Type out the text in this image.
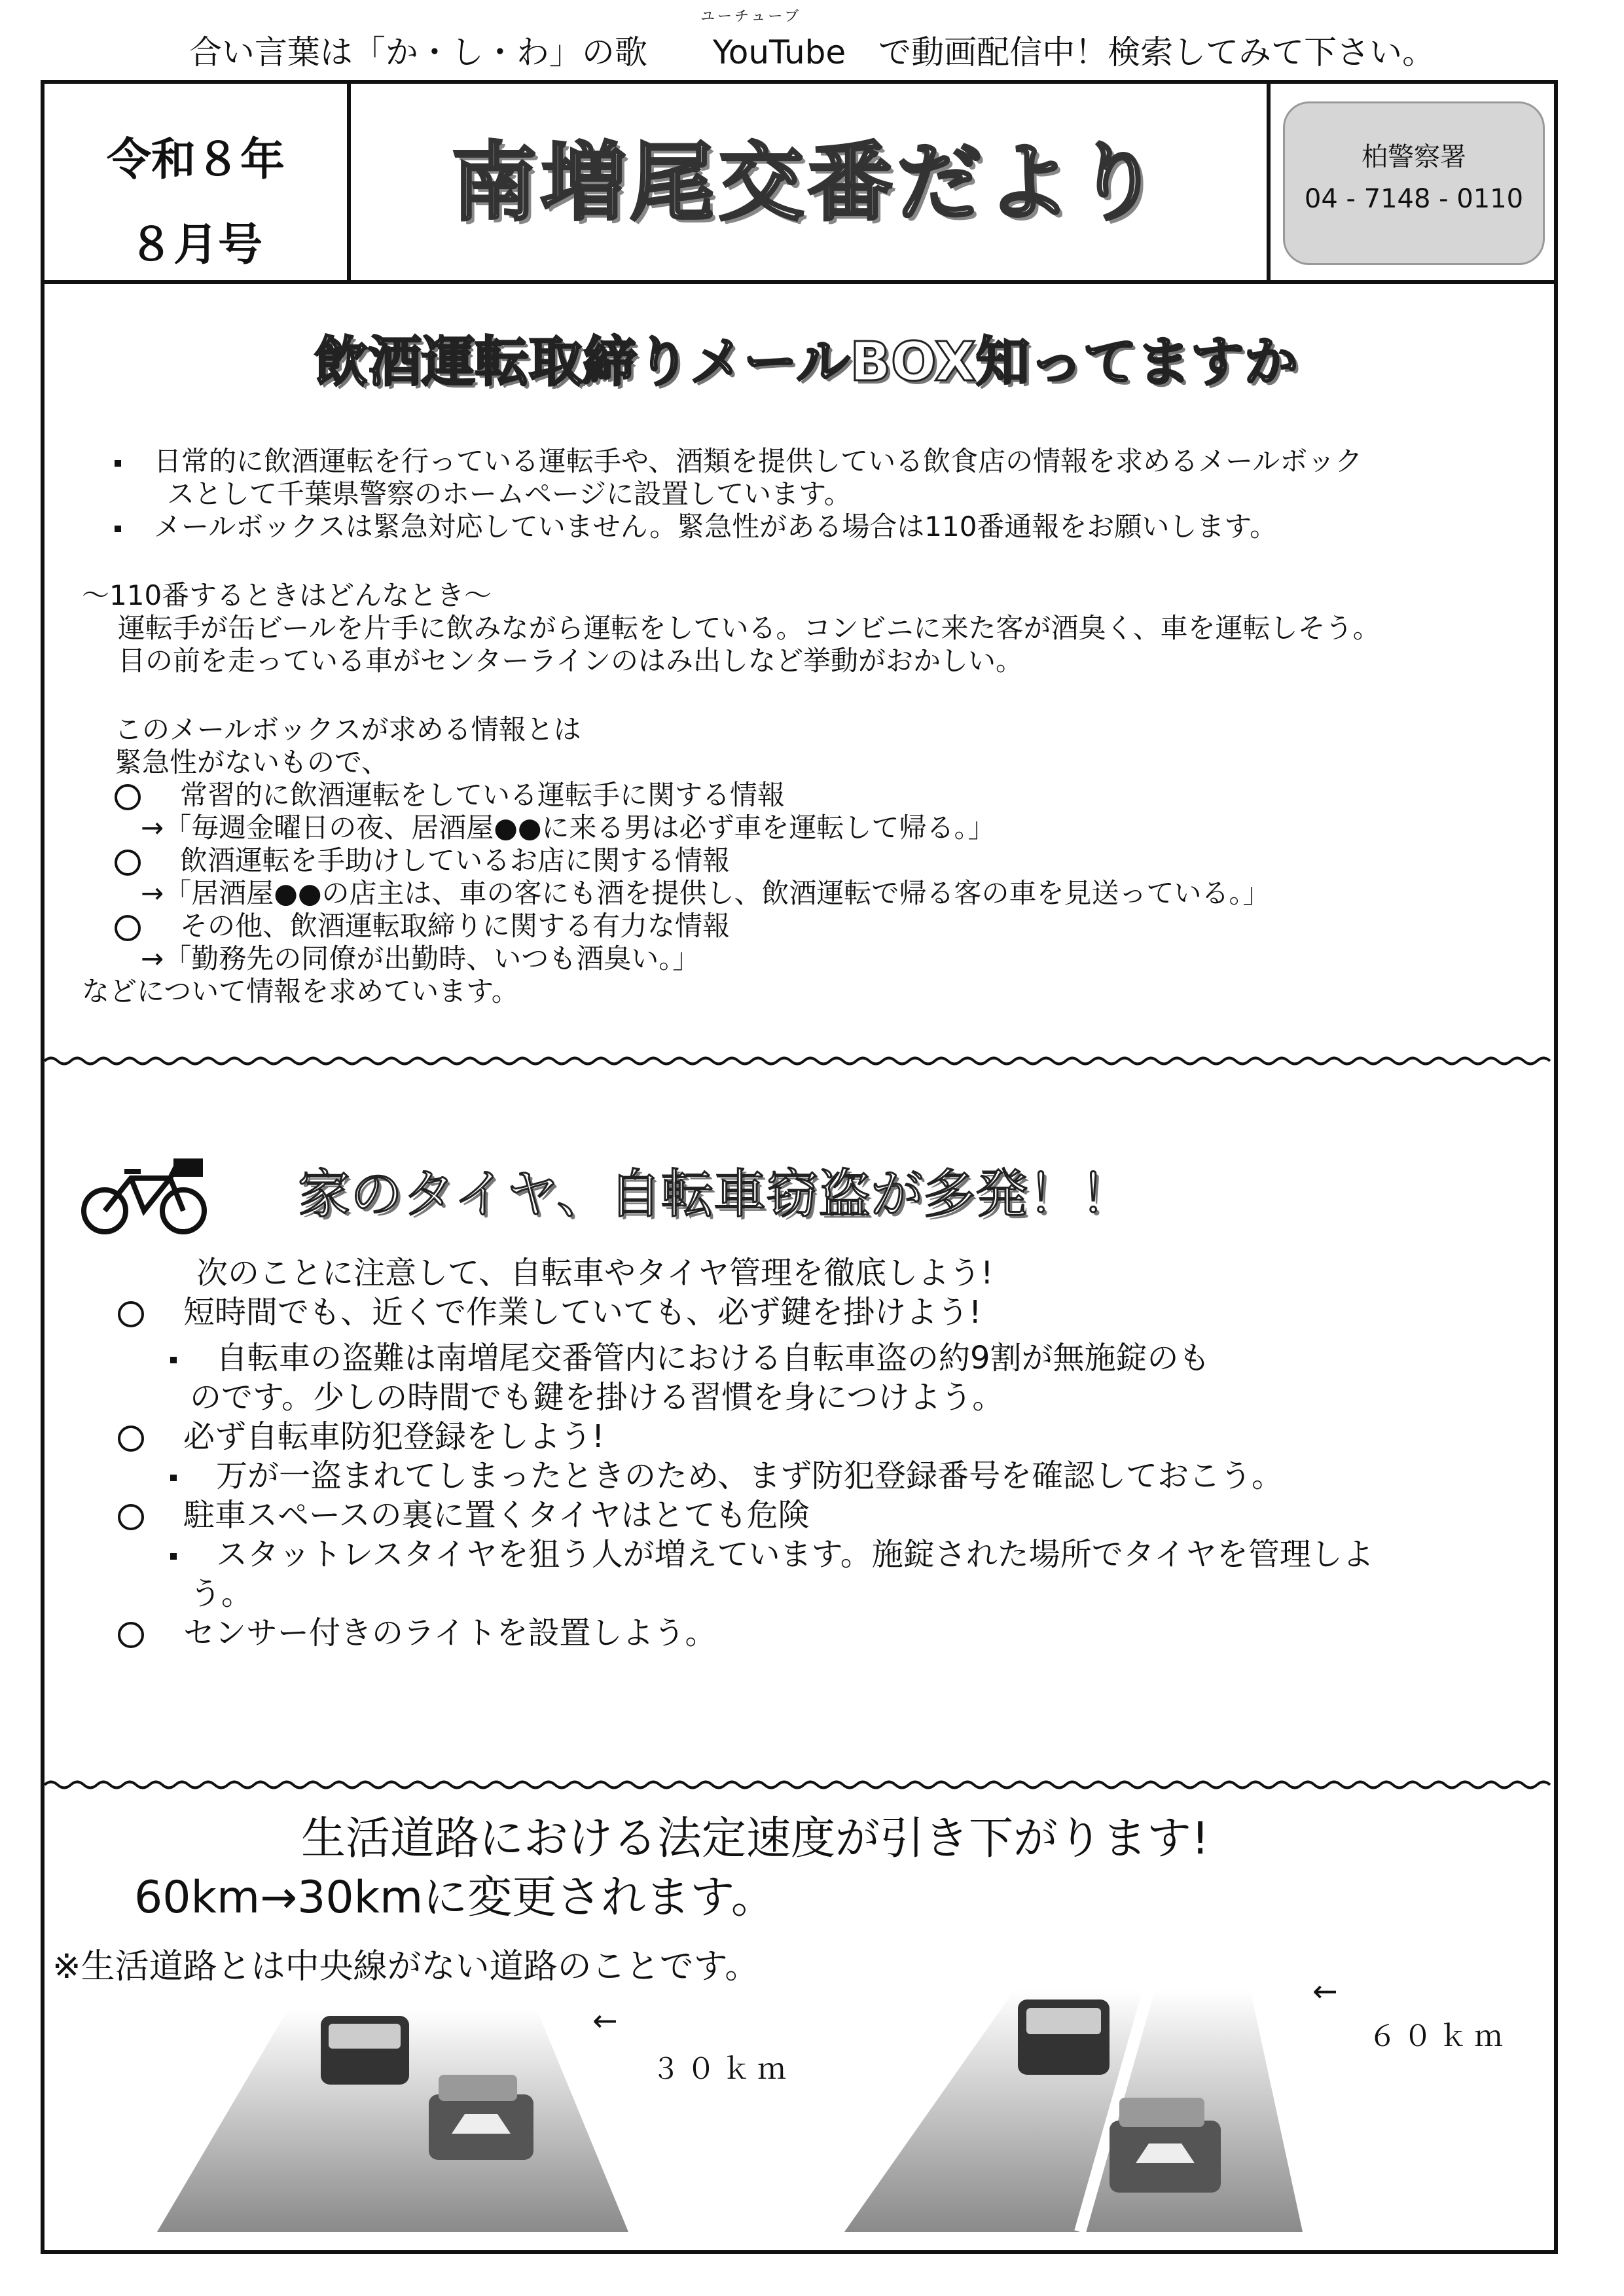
ユーチューブ
合い言葉は「か・し・わ」の歌　　YouTube　で動画配信中！検索してみて下さい。
令和８年
８月号
南増尾交番だより	柏警察署
04 - 7148 - 0110
飲酒運転取締りメールBOX知ってますか
日常的に飲酒運転を行っている運転手や、酒類を提供している飲食店の情報を求めるメールボック
スとして千葉県警察のホームページに設置しています。
メールボックスは緊急対応していません。緊急性がある場合は110番通報をお願いします。
～110番するときはどんなとき～
運転手が缶ビールを片手に飲みながら運転をしている。コンビニに来た客が酒臭く、車を運転しそう。
目の前を走っている車がセンターラインのはみ出しなど挙動がおかしい。
このメールボックスが求める情報とは
緊急性がないもので、
常習的に飲酒運転をしている運転手に関する情報
→「毎週金曜日の夜、居酒屋●●に来る男は必ず車を運転して帰る。」
飲酒運転を手助けしているお店に関する情報
→「居酒屋●●の店主は、車の客にも酒を提供し、飲酒運転で帰る客の車を見送っている。」
その他、飲酒運転取締りに関する有力な情報
→「勤務先の同僚が出勤時、いつも酒臭い。」
などについて情報を求めています。
家のタイヤ、自転車窃盗が多発！！
次のことに注意して、自転車やタイヤ管理を徹底しよう!
短時間でも、近くで作業していても、必ず鍵を掛けよう!
自転車の盗難は南増尾交番管内における自転車盗の約9割が無施錠のも
のです。少しの時間でも鍵を掛ける習慣を身につけよう。
必ず自転車防犯登録をしよう!
万が一盗まれてしまったときのため、まず防犯登録番号を確認しておこう。
駐車スペースの裏に置くタイヤはとても危険
スタットレスタイヤを狙う人が増えています。施錠された場所でタイヤを管理しよ
う。
センサー付きのライトを設置しよう。
生活道路における法定速度が引き下がります!
60km→30kmに変更されます。
※生活道路とは中央線がない道路のことです。
←
３０ｋｍ
←
６０ｋｍ
